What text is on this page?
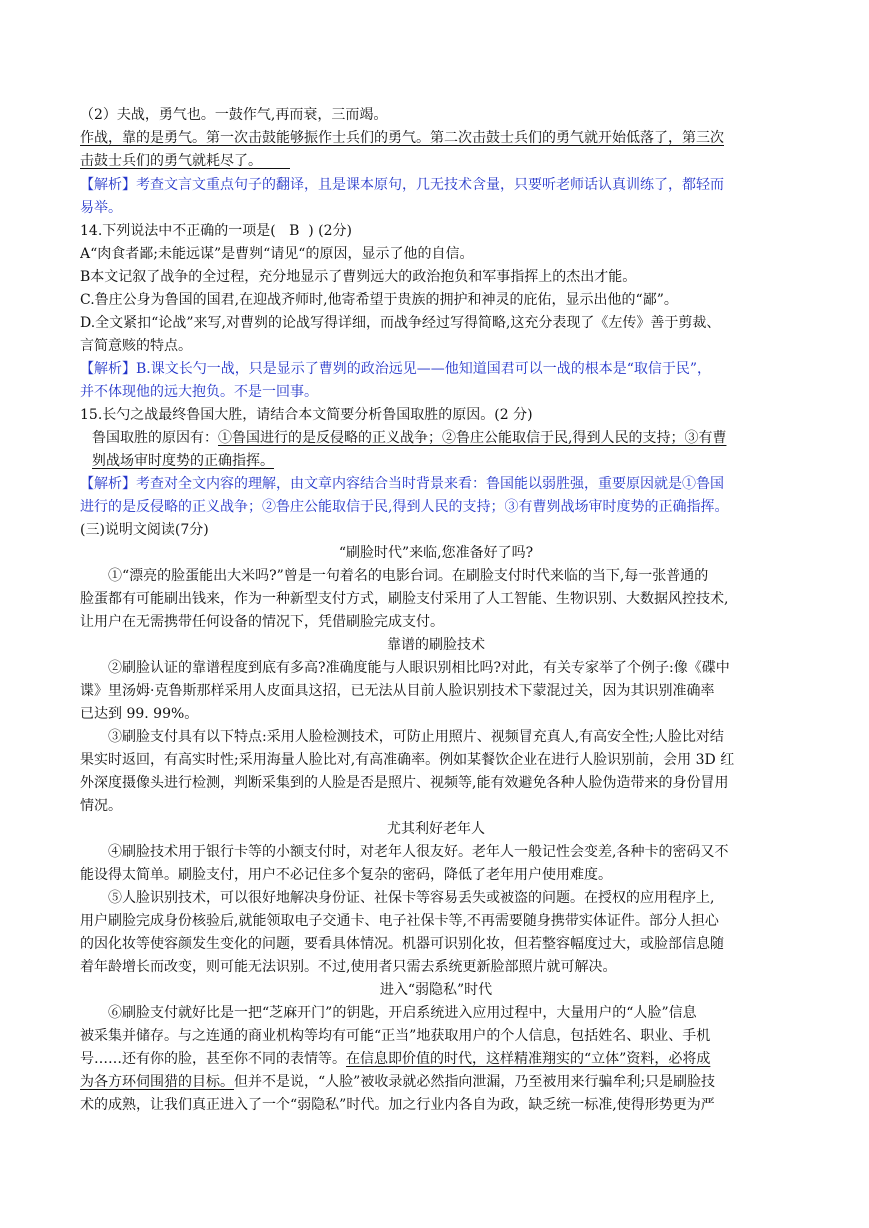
（2）夫战，勇气也。一鼓作气,再而衰，三而竭。
作战，靠的是勇气。第一次击鼓能够振作士兵们的勇气。第二次击鼓士兵们的勇气就开始低落了，第三次
击鼓士兵们的勇气就耗尽了。  
【解析】考查文言文重点句子的翻译，且是课本原句，几无技术含量，只要听老师话认真训练了，都轻而
易举。
14.下列说法中不正确的一项是(   B  ) (2分)
A“肉食者鄙;未能远谋”是曹刿“请见“的原因，显示了他的自信。
B本文记叙了战争的全过程，充分地显示了曹刿远大的政治抱负和军事指挥上的杰出才能。
C.鲁庄公身为鲁国的国君,在迎战齐师时,他寄希望于贵族的拥护和神灵的庇佑，显示出他的“鄙”。
D.全文紧扣“论战”来写,对曹刿的论战写得详细，而战争经过写得简略,这充分表现了《左传》善于剪裁、
言简意赅的特点。
【解析】B.课文长勺一战，只是显示了曹刿的政治远见——他知道国君可以一战的根本是“取信于民”，
并不体现他的远大抱负。不是一回事。
15.长勺之战最终鲁国大胜，请结合本文简要分析鲁国取胜的原因。(2 分)
鲁国取胜的原因有：①鲁国进行的是反侵略的正义战争；②鲁庄公能取信于民,得到人民的支持；③有曹
刿战场审时度势的正确指挥。
【解析】考查对全文内容的理解，由文章内容结合当时背景来看：鲁国能以弱胜强，重要原因就是①鲁国
进行的是反侵略的正义战争；②鲁庄公能取信于民,得到人民的支持；③有曹刿战场审时度势的正确指挥。
(三)说明文阅读(7分)
“刷脸时代”来临,您准备好了吗?
①“漂亮的脸蛋能出大米吗?”曾是一句着名的电影台词。在刷脸支付时代来临的当下,每一张普通的
脸蛋都有可能刷出钱来，作为一种新型支付方式，刷脸支付采用了人工智能、生物识别、大数据风控技术,
让用户在无需携带任何设备的情况下，凭借刷脸完成支付。
靠谱的刷脸技术
②刷脸认证的靠谱程度到底有多高?准确度能与人眼识别相比吗?对此，有关专家举了个例子:像《碟中
谍》里汤姆·克鲁斯那样采用人皮面具这招，已无法从目前人脸识别技术下蒙混过关，因为其识别准确率
已达到 99. 99%。
③刷脸支付具有以下特点:采用人脸检测技术，可防止用照片、视频冒充真人,有高安全性;人脸比对结
果实时返回，有高实时性;采用海量人脸比对,有高准确率。例如某餐饮企业在进行人脸识别前，会用 3D 红
外深度摄像头进行检测，判断采集到的人脸是否是照片、视频等,能有效避免各种人脸伪造带来的身份冒用
情况。
尤其利好老年人
④刷脸技术用于银行卡等的小额支付时，对老年人很友好。老年人一般记性会变差,各种卡的密码又不
能设得太简单。刷脸支付，用户不必记住多个复杂的密码，降低了老年用户使用难度。
⑤人脸识别技术，可以很好地解决身份证、社保卡等容易丢失或被盗的问题。在授权的应用程序上,
用户刷脸完成身份核验后,就能领取电子交通卡、电子社保卡等,不再需要随身携带实体证件。部分人担心
的因化妆等使容颜发生变化的问题，要看具体情况。机器可识别化妆，但若整容幅度过大，或脸部信息随
着年龄增长而改变，则可能无法识别。不过,使用者只需去系统更新脸部照片就可解决。
进入“弱隐私”时代
⑥刷脸支付就好比是一把“芝麻开门”的钥匙，开启系统进入应用过程中，大量用户的“人脸”信息
被采集并储存。与之连通的商业机构等均有可能“正当”地获取用户的个人信息，包括姓名、职业、手机
号……还有你的脸，甚至你不同的表情等。在信息即价值的时代，这样精准翔实的“立体”资料，必将成
为各方环伺围猎的目标。但并不是说，“人脸”被收录就必然指向泄漏，乃至被用来行骗牟利;只是刷脸技
术的成熟，让我们真正进入了一个“弱隐私”时代。加之行业内各自为政，缺乏统一标准,使得形势更为严
